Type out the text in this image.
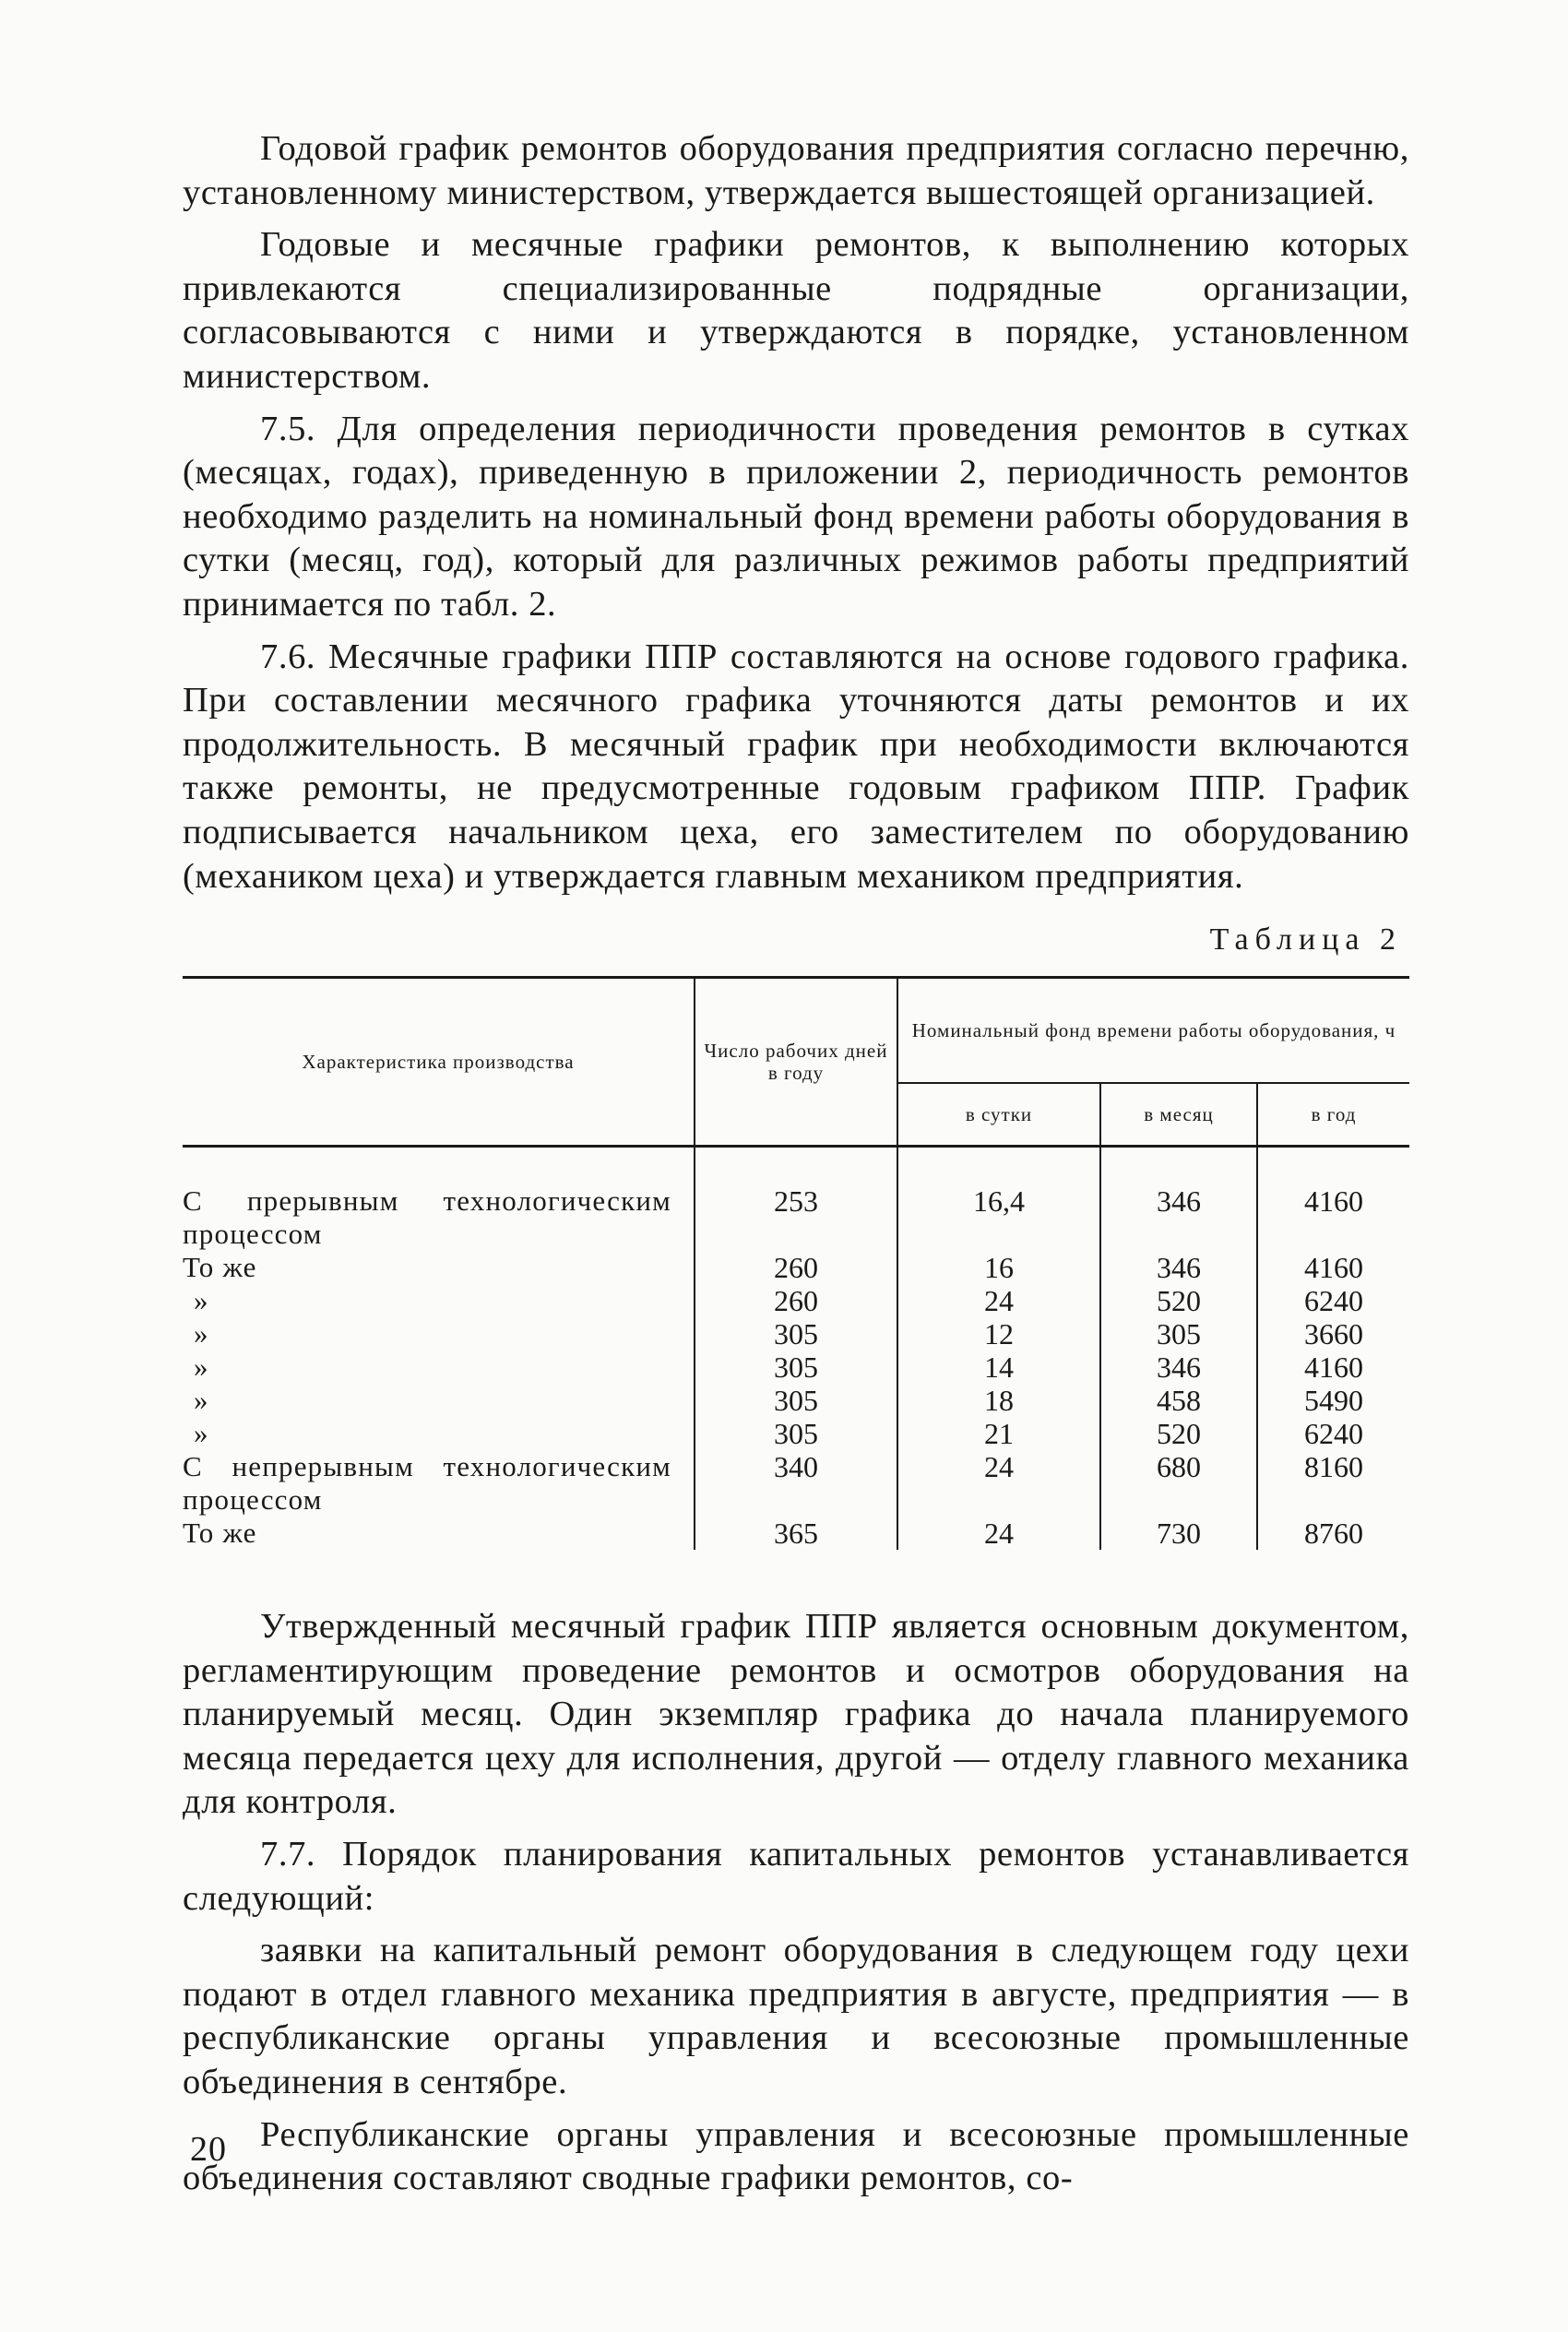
Годовой график ремонтов оборудования предприятия согласно перечню, установленному министерством, утверждается вышестоящей организацией.

Годовые и месячные графики ремонтов, к выполнению которых привлекаются специализированные подрядные организации, согласовываются с ними и утверждаются в порядке, установленном министерством.

7.5. Для определения периодичности проведения ремонтов в сутках (месяцах, годах), приведенную в приложении 2, периодичность ремонтов необходимо разделить на номинальный фонд времени работы оборудования в сутки (месяц, год), который для различных режимов работы предприятий принимается по табл. 2.

7.6. Месячные графики ППР составляются на основе годового графика. При составлении месячного графика уточняются даты ремонтов и их продолжительность. В месячный график при необходимости включаются также ремонты, не предусмотренные годовым графиком ППР. График подписывается начальником цеха, его заместителем по оборудованию (механиком цеха) и утверждается главным механиком предприятия.

Таблица 2
Характеристика производства	Число рабочих дней в году	Номинальный фонд времени работы оборудования, ч		
		в сутки	в месяц	в год
С прерывным технологическим процессом	253	16,4	346	4160
То же	260	16	346	4160
»	260	24	520	6240
»	305	12	305	3660
»	305	14	346	4160
»	305	18	458	5490
»	305	21	520	6240
С непрерывным технологическим процессом	340	24	680	8160
То же	365	24	730	8760

Утвержденный месячный график ППР является основным документом, регламентирующим проведение ремонтов и осмотров оборудования на планируемый месяц. Один экземпляр графика до начала планируемого месяца передается цеху для исполнения, другой — отделу главного механика для контроля.

7.7. Порядок планирования капитальных ремонтов устанавливается следующий:

заявки на капитальный ремонт оборудования в следующем году цехи подают в отдел главного механика предприятия в августе, предприятия — в республиканские органы управления и всесоюзные промышленные объединения в сентябре.

Республиканские органы управления и всесоюзные промышленные объединения составляют сводные графики ремонтов, со-

20
